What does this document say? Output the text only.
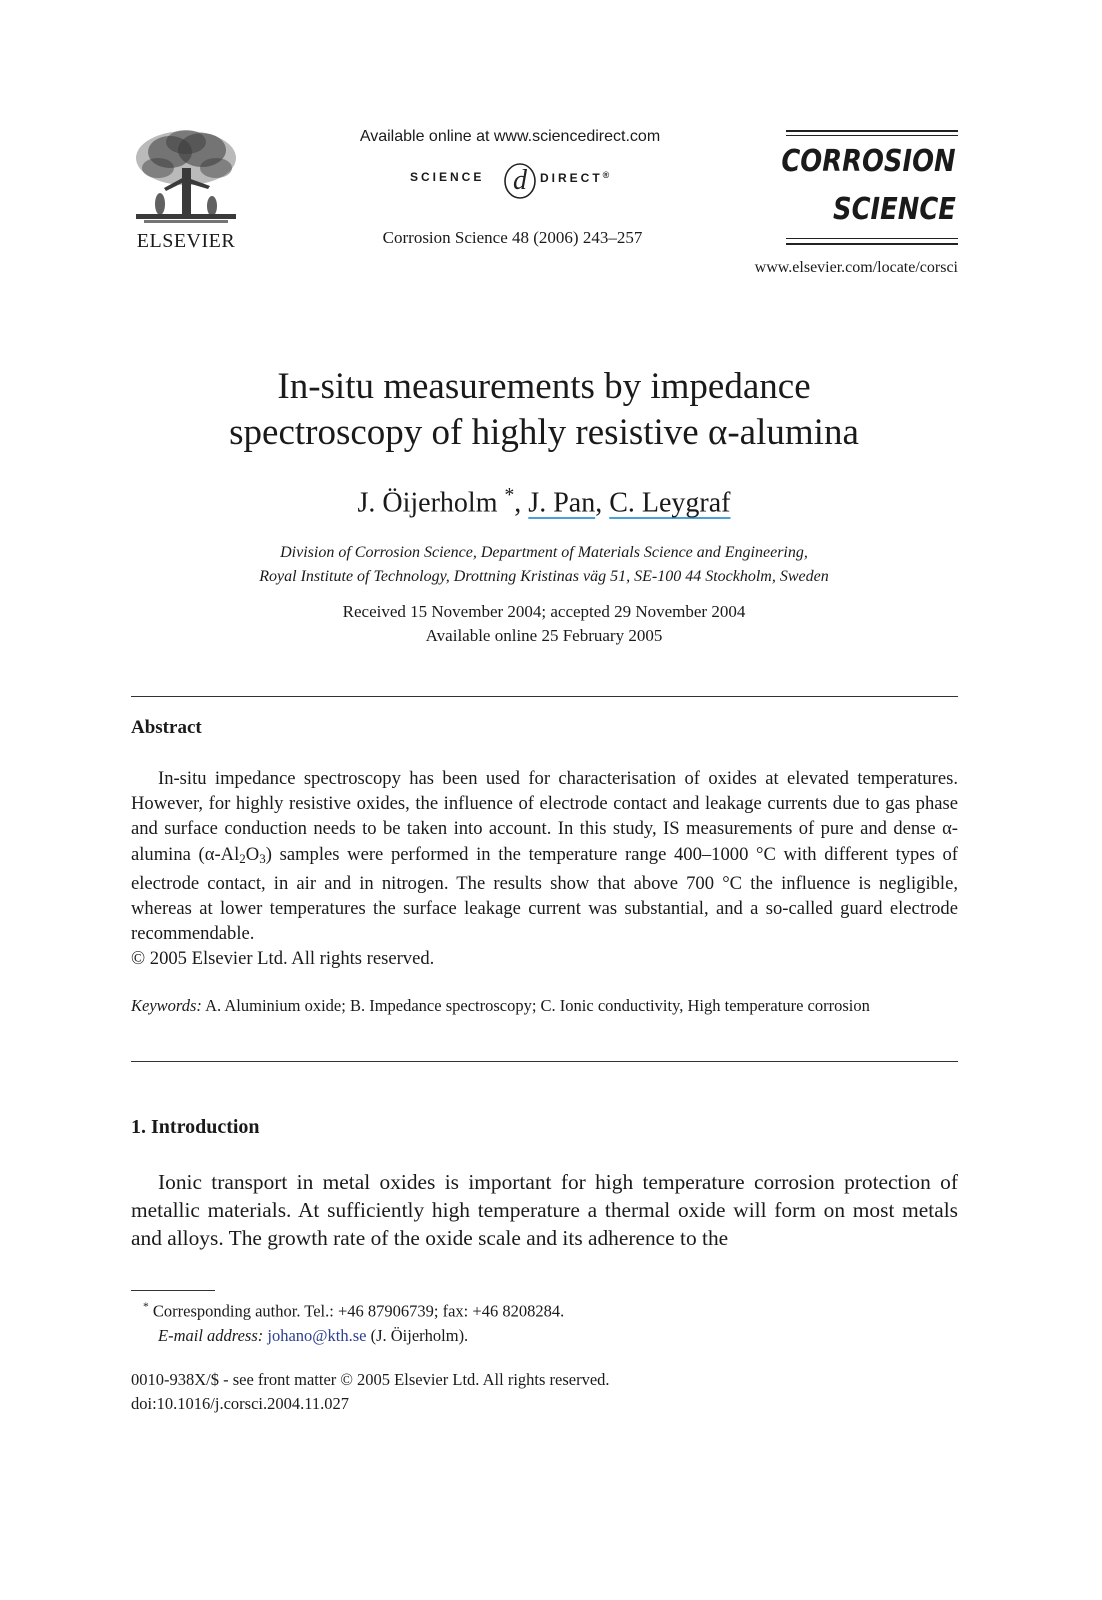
ELSEVIER
Available online at www.sciencedirect.com
SCIENCE d DIRECT®
Corrosion Science 48 (2006) 243–257
CORROSION
SCIENCE
www.elsevier.com/locate/corsci
In-situ measurements by impedance
spectroscopy of highly resistive α-alumina
J. Öijerholm *, J. Pan, C. Leygraf
Division of Corrosion Science, Department of Materials Science and Engineering,
Royal Institute of Technology, Drottning Kristinas väg 51, SE-100 44 Stockholm, Sweden
Received 15 November 2004; accepted 29 November 2004
Available online 25 February 2005
Abstract
In-situ impedance spectroscopy has been used for characterisation of oxides at elevated temperatures. However, for highly resistive oxides, the influence of electrode contact and leakage currents due to gas phase and surface conduction needs to be taken into account. In this study, IS measurements of pure and dense α-alumina $(\alpha-Al_2O_3)$ samples were performed in the temperature range 400–1000 °C with different types of electrode contact, in air and in nitrogen. The results show that above 700 °C the influence is negligible, whereas at lower temperatures the surface leakage current was substantial, and a so-called guard electrode recommendable.
© 2005 Elsevier Ltd. All rights reserved.
Keywords: A. Aluminium oxide; B. Impedance spectroscopy; C. Ionic conductivity, High temperature corrosion
1. Introduction
Ionic transport in metal oxides is important for high temperature corrosion protection of metallic materials. At sufficiently high temperature a thermal oxide will form on most metals and alloys. The growth rate of the oxide scale and its adherence to the
* Corresponding author. Tel.: +46 87906739; fax: +46 8208284.
E-mail address: johano@kth.se (J. Öijerholm).
0010-938X/$ - see front matter © 2005 Elsevier Ltd. All rights reserved.
doi:10.1016/j.corsci.2004.11.027
